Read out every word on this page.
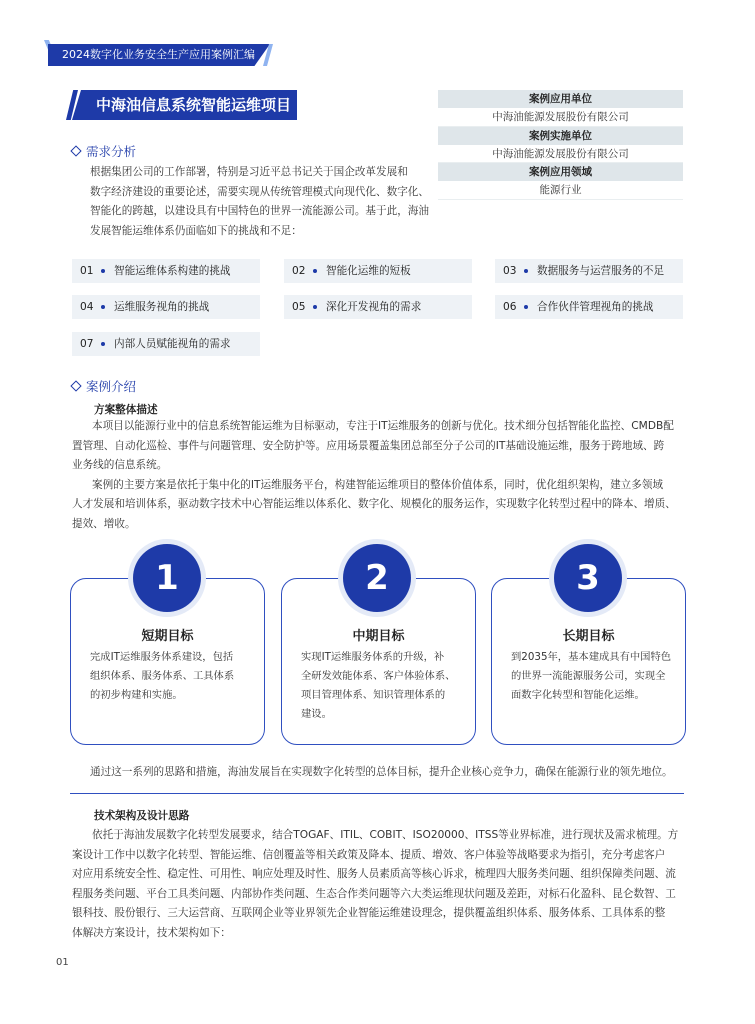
2024数字化业务安全生产应用案例汇编
中海油信息系统智能运维项目	案例应用单位
中海油能源发展股份有限公司
案例实施单位
中海油能源发展股份有限公司
案例应用领域
能源行业
需求分析
根据集团公司的工作部署，特别是习近平总书记关于国企改革发展和
数字经济建设的重要论述，需要实现从传统管理模式向现代化、数字化、
智能化的跨越，以建设具有中国特色的世界一流能源公司。基于此，海油
发展智能运维体系仍面临如下的挑战和不足：
01 智能运维体系构建的挑战	02 智能化运维的短板	03 数据服务与运营服务的不足
04 运维服务视角的挑战	05 深化开发视角的需求	06 合作伙伴管理视角的挑战
07 内部人员赋能视角的需求
案例介绍
方案整体描述
本项目以能源行业中的信息系统智能运维为目标驱动，专注于IT运维服务的创新与优化。技术细分包括智能化监控、CMDB配
置管理、自动化巡检、事件与问题管理、安全防护等。应用场景覆盖集团总部至分子公司的IT基础设施运维，服务于跨地域、跨
业务线的信息系统。
案例的主要方案是依托于集中化的IT运维服务平台，构建智能运维项目的整体价值体系，同时，优化组织架构，建立多领域
人才发展和培训体系，驱动数字技术中心智能运维以体系化、数字化、规模化的服务运作，实现数字化转型过程中的降本、增质、
提效、增收。
1	2	3
短期目标	中期目标	长期目标
完成IT运维服务体系建设，包括
组织体系、服务体系、工具体系
的初步构建和实施。
实现IT运维服务体系的升级，补
全研发效能体系、客户体验体系、
项目管理体系、知识管理体系的
建设。
到2035年，基本建成具有中国特色
的世界一流能源服务公司，实现全
面数字化转型和智能化运维。
通过这一系列的思路和措施，海油发展旨在实现数字化转型的总体目标，提升企业核心竞争力，确保在能源行业的领先地位。
技术架构及设计思路
依托于海油发展数字化转型发展要求，结合TOGAF、ITIL、COBIT、ISO20000、ITSS等业界标准，进行现状及需求梳理。方
案设计工作中以数字化转型、智能运维、信创覆盖等相关政策及降本、提质、增效、客户体验等战略要求为指引，充分考虑客户
对应用系统安全性、稳定性、可用性、响应处理及时性、服务人员素质高等核心诉求，梳理四大服务类问题、组织保障类问题、流
程服务类问题、平台工具类问题、内部协作类问题、生态合作类问题等六大类运维现状问题及差距，对标石化盈科、昆仑数智、工
银科技、股份银行、三大运营商、互联网企业等业界领先企业智能运维建设理念，提供覆盖组织体系、服务体系、工具体系的整
体解决方案设计，技术架构如下：
01
